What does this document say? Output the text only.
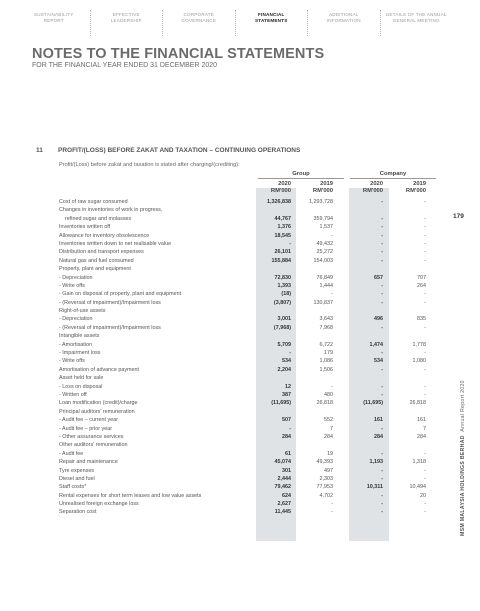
SUSTAINABILITY
REPORT
EFFECTIVE
LEADERSHIP
CORPORATE
GOVERNANCE
FINANCIAL
STATEMENTS
ADDITIONAL
INFORMATION
DETAILS OF THE ANNUAL
GENERAL MEETING
NOTES TO THE FINANCIAL STATEMENTS
FOR THE FINANCIAL YEAR ENDED 31 DECEMBER 2020
11 PROFIT/(LOSS) BEFORE ZAKAT AND TAXATION – CONTINUING OPERATIONS
Profit/(Loss) before zakat and taxation is stated after charging/(crediting):
Group	Company
2020	2019	2020	2019
RM'000	RM'000	RM'000	RM'000
Cost of raw sugar consumed	1,326,838	1,293,728	-	-
Changes in inventories of work in progress,
refined sugar and molasses	44,767	359,794	-	-
Inventories written off	1,376	1,537	-	-
Allowance for inventory obsolescence	18,545	-	-	-
Inventories written down to net realisable value	-	49,432	-	-
Distribution and transport expenses	26,101	25,272	-	-
Natural gas and fuel consumed	155,884	154,003	-	-
Property, plant and equipment
- Depreciation	72,830	76,849	657	707
- Write offs	1,393	1,444	-	264
- Gain on disposal of property, plant and equipment	(18)	-	-	-
- (Reversal of impairment)/Impairment loss	(3,807)	130,837	-	-
Right-of-use assets
- Depreciation	3,001	3,643	496	835
- (Reversal of impairment)/Impairment loss	(7,968)	7,968	-	-
Intangible assets
- Amortisation	5,709	6,722	1,474	1,778
- Impairment loss	-	179	-	-
- Write offs	534	1,086	534	1,080
Amortisation of advance payment	2,204	1,506	-	-
Asset held for sale
- Loss on disposal	12	-	-	-
- Written off	387	480	-	-
Loan modification (credit)/charge	(11,695)	26,818	(11,695)	26,818
Principal auditors' remuneration
- Audit fee – current year	507	552	161	161
- Audit fee – prior year	-	7	-	7
- Other assurance services	284	284	284	284
Other auditors' remuneration
- Audit fee	61	19	-	-
Repair and maintenance	45,074	49,393	1,193	1,318
Tyre expenses	301	497	-	-
Diesel and fuel	2,444	2,303	-	-
Staff costs*	79,462	77,953	10,311	10,494
Rental expenses for short term leases and low value assets	624	4,702	-	20
Unrealised foreign exchange loss	2,627	-	-	-
Separation cost	11,445	-	-	-
179
MSM MALAYSIA HOLDINGS BERHAD  Annual Report 2020
